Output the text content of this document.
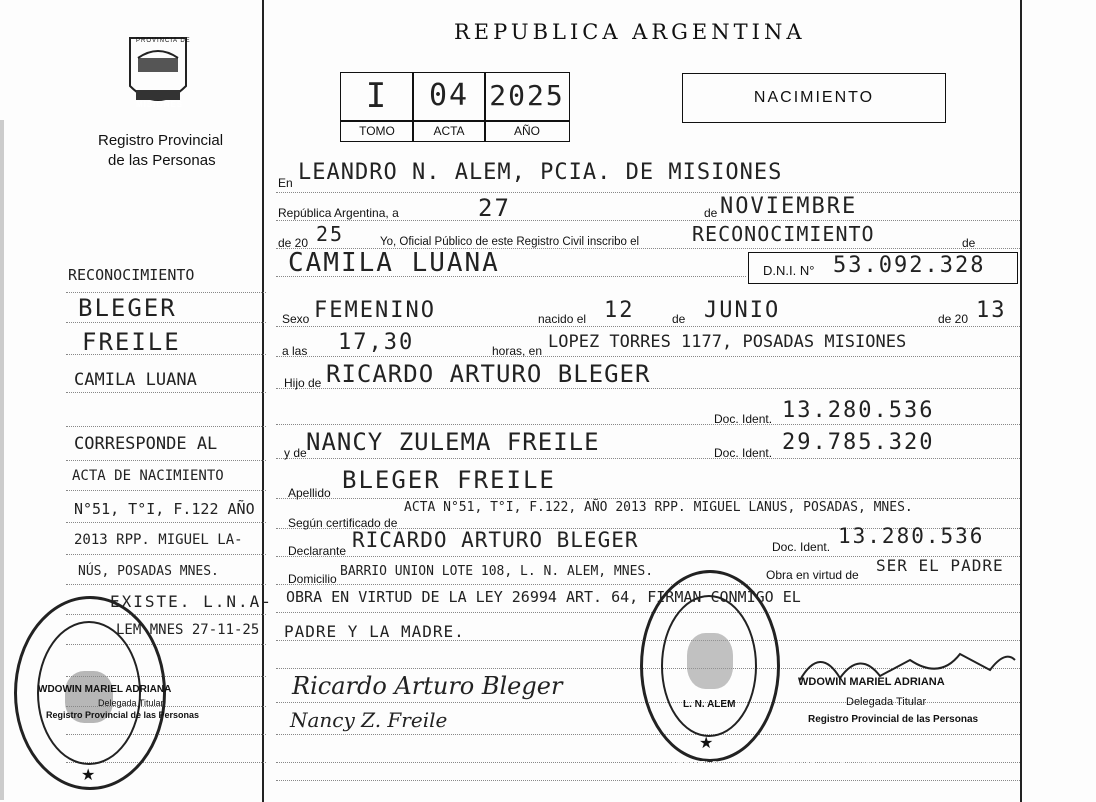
PROVINCIA DE
MISIONES
Registro Provincial
de las Personas
REPUBLICA ARGENTINA
I	04 2025
TOMO	ACTA	AÑO
NACIMIENTO
En LEANDRO N. ALEM, PCIA. DE MISIONES
República Argentina, a	27	de NOVIEMBRE
de 20 25	Yo, Oficial Público de este Registro Civil inscribo el	RECONOCIMIENTO	de
CAMILA LUANA	D.N.I. N° 53.092.328
Sexo FEMENINO	nacido el 12	de JUNIO	de 20 13
a las 17,30	horas, en LOPEZ TORRES 1177, POSADAS MISIONES
Hijo de RICARDO ARTURO BLEGER
Doc. Ident. 13.280.536
y de NANCY ZULEMA FREILE	Doc. Ident. 29.785.320
Apellido BLEGER FREILE
Según certificado de
ACTA N°51, T°I, F.122, AÑO 2013 RPP. MIGUEL LANUS, POSADAS, MNES.
Declarante RICARDO ARTURO BLEGER	Doc. Ident. 13.280.536
Domicilio BARRIO UNION LOTE 108, L. N. ALEM, MNES.	Obra en virtud de SER EL PADRE
OBRA EN VIRTUD DE LA LEY 26994 ART. 64, FIRMAN CONMIGO EL
PADRE Y LA MADRE.
RECONOCIMIENTO
BLEGER
FREILE
CAMILA LUANA
CORRESPONDE AL
ACTA DE NACIMIENTO
N°51, T°I, F.122 AÑO
2013 RPP. MIGUEL LA-
NÚS, POSADAS MNES.
EXISTE. L.N.A-
LEM MNES 27-11-25
★
WDOWIN MARIEL ADRIANA
Delegada Titular
Registro Provincial de las Personas
L. N. ALEM
★
DELEGACION DEL REGISTRO PROVINCIAL DE LAS PERSONAS
Ricardo Arturo Bleger
Nancy Z. Freile
WDOWIN MARIEL ADRIANA
Delegada Titular
Registro Provincial de las Personas
